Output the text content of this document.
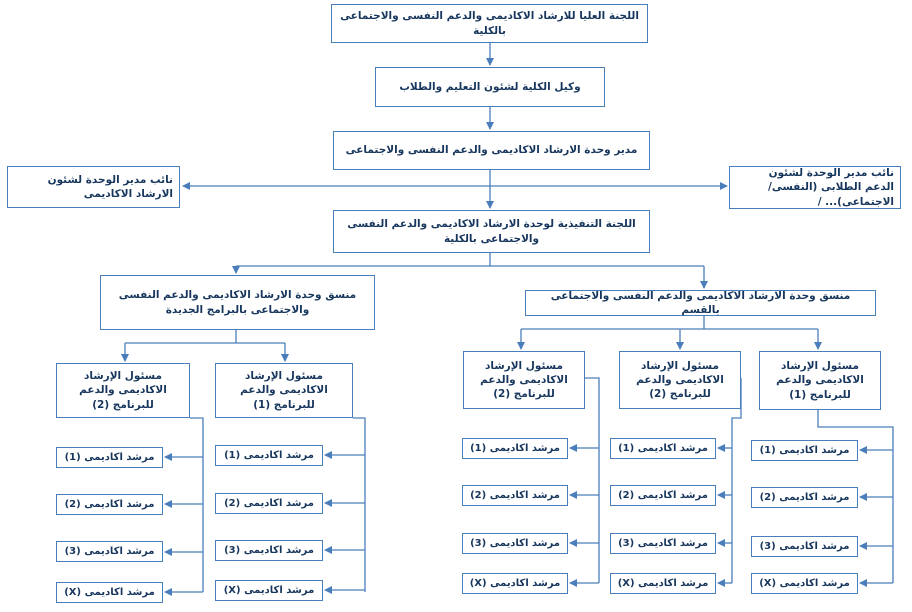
اللجنة العليا للارشاد الاكاديمى والدعم النفسى والاجتماعى بالكلية
وكيل الكلية لشئون التعليم والطلاب
مدير وحدة الارشاد الاكاديمى والدعم النفسى والاجتماعى
نائب مدير الوحدة لشئون الارشاد الاكاديمى
نائب مدير الوحدة لشئون الدعم الطلابى (النفسى/الاجتماعى)... /
اللجنة التنفيذية لوحدة الارشاد الاكاديمى والدعم النفسى والاجتماعى بالكلية
منسق وحدة الارشاد الاكاديمى والدعم النفسى والاجتماعى بالبرامج الجديدة
منسق وحدة الارشاد الاكاديمى والدعم النفسى والاجتماعى بالقسم
مسئول الإرشاد الاكاديمى والدعم للبرنامج (2)
مسئول الإرشاد الاكاديمى والدعم للبرنامج (1)
مسئول الإرشاد الاكاديمى والدعم للبرنامج (2)
مسئول الإرشاد الاكاديمى والدعم للبرنامج (2)
مسئول الإرشاد الاكاديمى والدعم للبرنامج (1)
مرشد اكاديمى (1)
مرشد اكاديمى (2)
مرشد اكاديمى (3)
مرشد اكاديمى (X)
مرشد اكاديمى (1)
مرشد اكاديمى (2)
مرشد اكاديمى (3)
مرشد اكاديمى (X)
مرشد اكاديمى (1)
مرشد اكاديمى (2)
مرشد اكاديمى (3)
مرشد اكاديمى (X)
مرشد اكاديمى (1)
مرشد اكاديمى (2)
مرشد اكاديمى (3)
مرشد اكاديمى (X)
مرشد اكاديمى (1)
مرشد اكاديمى (2)
مرشد اكاديمى (3)
مرشد اكاديمى (X)
